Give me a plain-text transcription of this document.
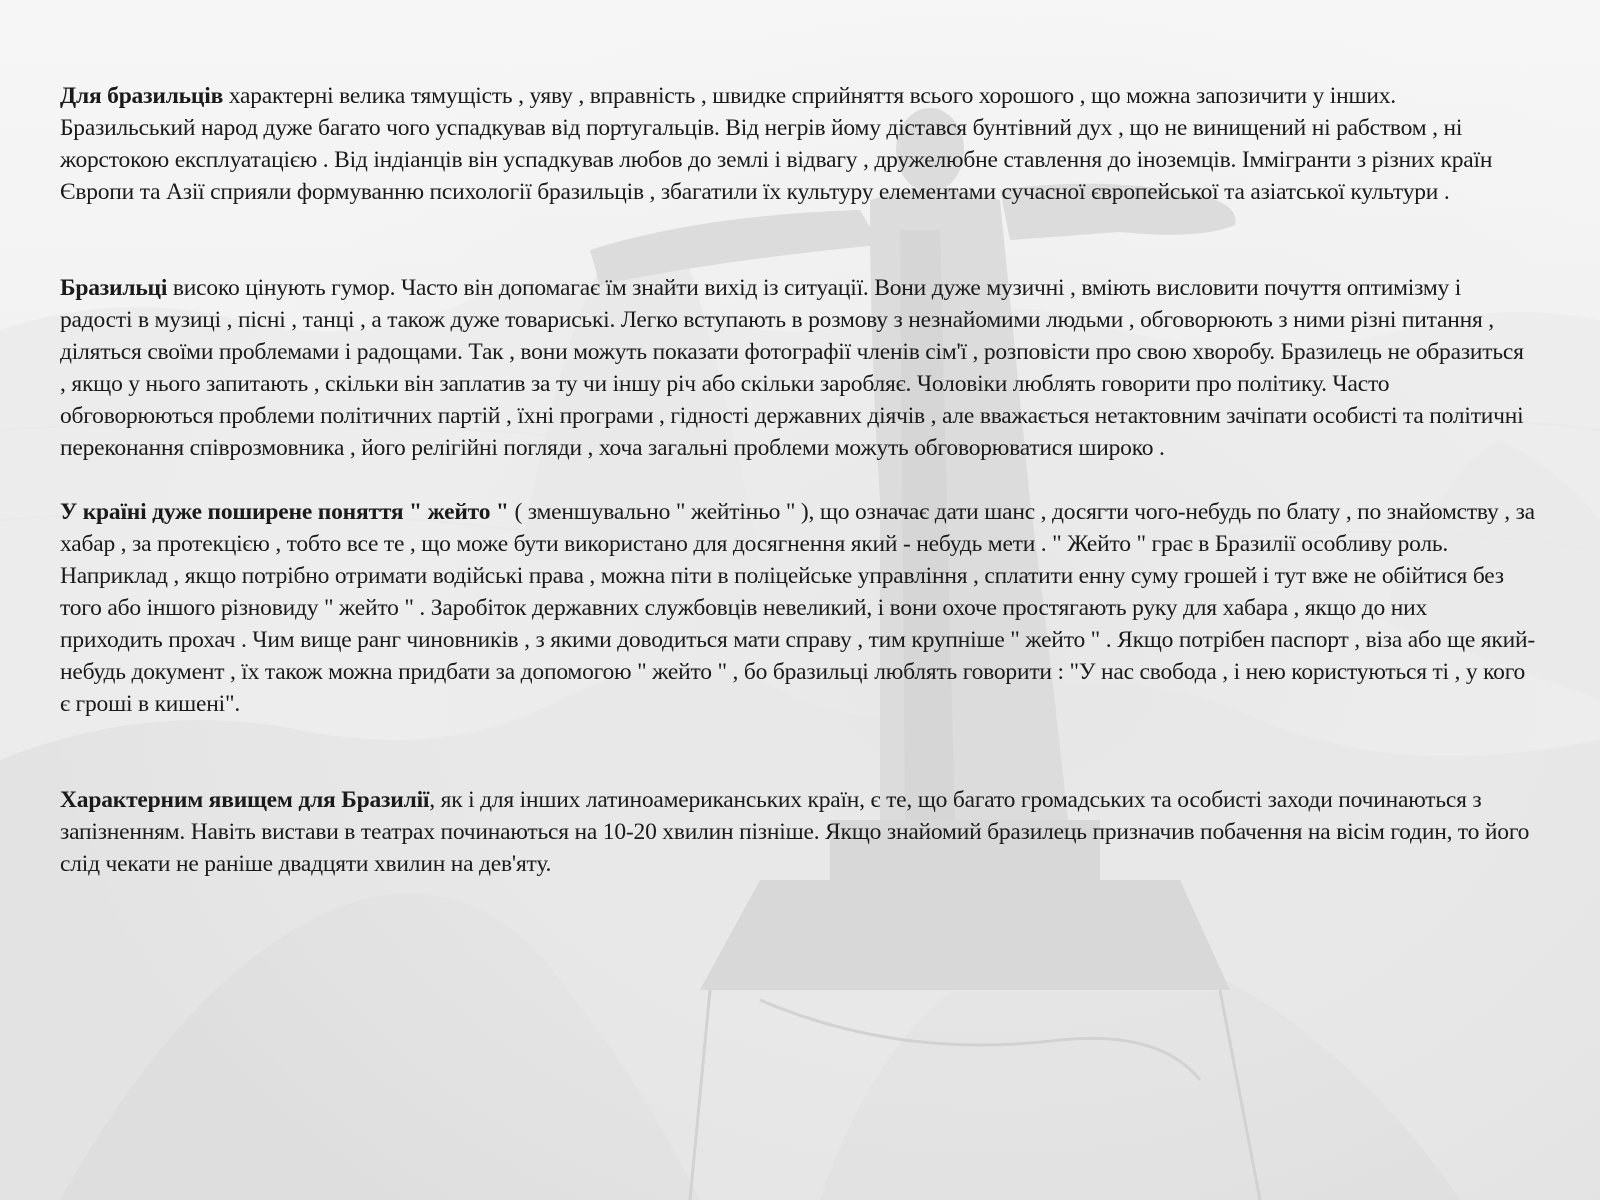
Для бразильців характерні велика тямущість , уяву , вправність , швидке сприйняття всього хорошого , що можна запозичити у інших. Бразильський народ дуже багато чого успадкував від португальців. Від негрів йому дістався бунтівний дух , що не винищений ні рабством , ні жорстокою експлуатацією . Від індіанців він успадкував любов до землі і відвагу , дружелюбне ставлення до іноземців. Іммігранти з різних країн Європи та Азії сприяли формуванню психології бразильців , збагатили їх культуру елементами сучасної європейської та азіатської культури .

Бразильці високо цінують гумор. Часто він допомагає їм знайти вихід із ситуації. Вони дуже музичні , вміють висловити почуття оптимізму і радості в музиці , пісні , танці , а також дуже товариські. Легко вступають в розмову з незнайомими людьми , обговорюють з ними різні питання , діляться своїми проблемами і радощами. Так , вони можуть показати фотографії членів сім'ї , розповісти про свою хворобу. Бразилець не образиться , якщо у нього запитають , скільки він заплатив за ту чи іншу річ або скільки заробляє. Чоловіки люблять говорити про політику. Часто обговорюються проблеми політичних партій , їхні програми , гідності державних діячів , але вважається нетактовним зачіпати особисті та політичні переконання співрозмовника , його релігійні погляди , хоча загальні проблеми можуть обговорюватися широко .

У країні дуже поширене поняття " жейто " ( зменшувально " жейтіньо " ), що означає дати шанс , досягти чого-небудь по блату , по знайомству , за хабар , за протекцією , тобто все те , що може бути використано для досягнення який - небудь мети . " Жейто " грає в Бразилії особливу роль. Наприклад , якщо потрібно отримати водійські права , можна піти в поліцейське управління , сплатити енну суму грошей і тут вже не обійтися без того або іншого різновиду " жейто " . Заробіток державних службовців невеликий, і вони охоче простягають руку для хабара , якщо до них приходить прохач . Чим вище ранг чиновників , з якими доводиться мати справу , тим крупніше " жейто " . Якщо потрібен паспорт , віза або ще який-небудь документ , їх також можна придбати за допомогою " жейто " , бо бразильці люблять говорити : "У нас свобода , і нею користуються ті , у кого є гроші в кишені".

Характерним явищем для Бразилії, як і для інших латиноамериканських країн, є те, що багато громадських та особисті заходи починаються з запізненням. Навіть вистави в театрах починаються на 10-20 хвилин пізніше. Якщо знайомий бразилець призначив побачення на вісім годин, то його слід чекати не раніше двадцяти хвилин на дев'яту.
